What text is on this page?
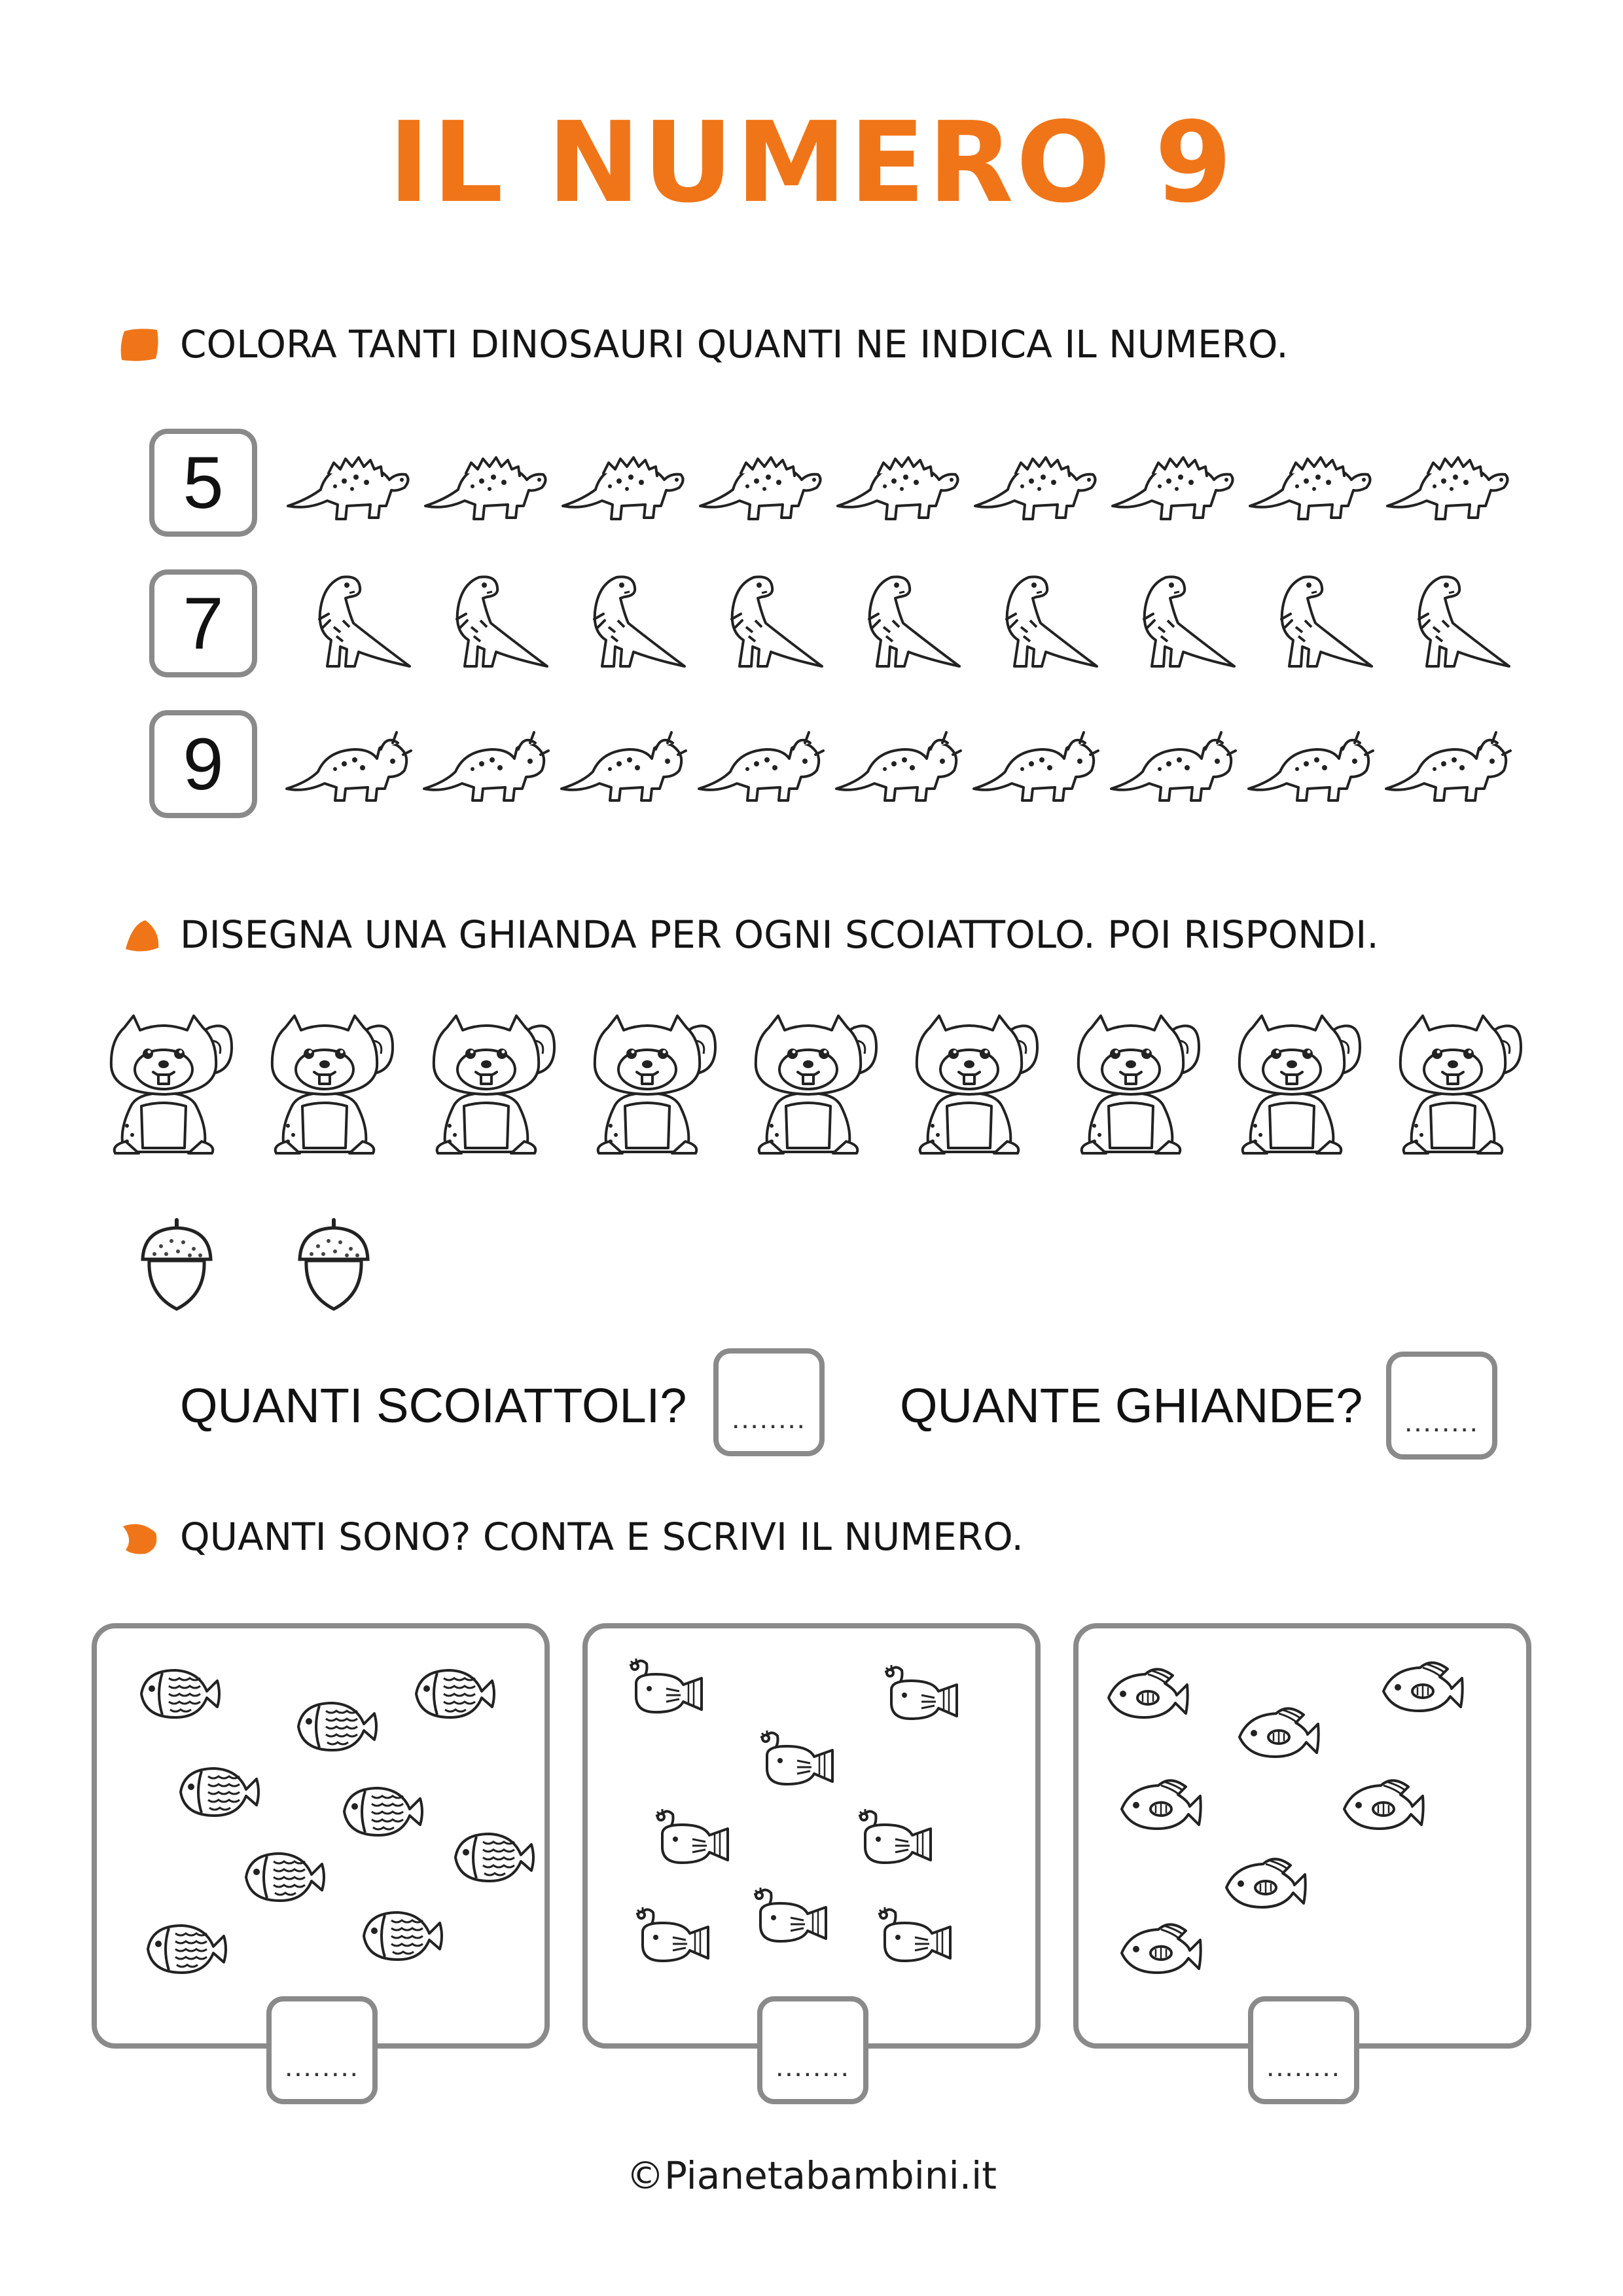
IL NUMERO 9
COLORA TANTI DINOSAURI QUANTI NE INDICA IL NUMERO.
5
7
9
DISEGNA UNA GHIANDA PER OGNI SCOIATTOLO. POI RISPONDI.
QUANTI SCOIATTOLI?	........	QUANTE GHIANDE?	........
QUANTI SONO? CONTA E SCRIVI IL NUMERO.
........	........	........
©Pianetabambini.it
